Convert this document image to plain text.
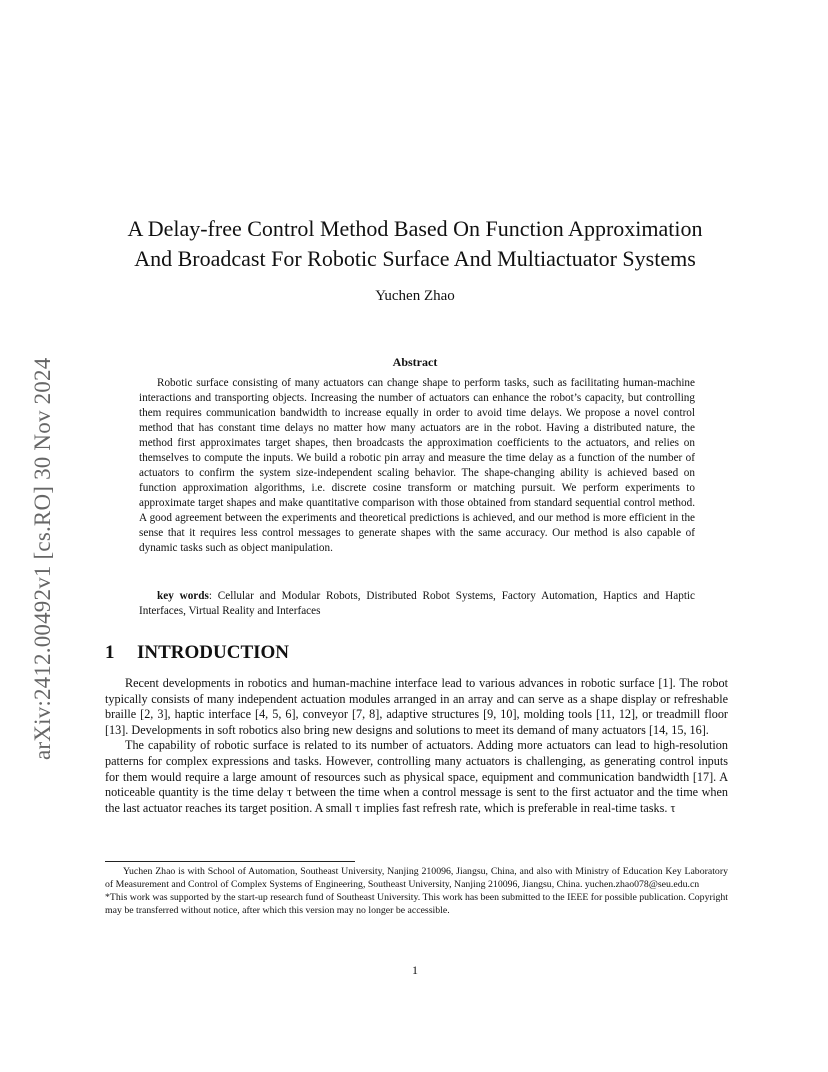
arXiv:2412.00492v1 [cs.RO] 30 Nov 2024
A Delay-free Control Method Based On Function Approximation
And Broadcast For Robotic Surface And Multiactuator Systems
Yuchen Zhao
Abstract
Robotic surface consisting of many actuators can change shape to perform tasks, such as facilitating human-machine interactions and transporting objects. Increasing the number of actuators can enhance the robot’s capacity, but controlling them requires communication bandwidth to increase equally in order to avoid time delays. We propose a novel control method that has constant time delays no matter how many actuators are in the robot. Having a distributed nature, the method first approximates target shapes, then broadcasts the approximation coefficients to the actuators, and relies on themselves to compute the inputs. We build a robotic pin array and measure the time delay as a function of the number of actuators to confirm the system size-independent scaling behavior. The shape-changing ability is achieved based on function approximation algorithms, i.e. discrete cosine transform or matching pursuit. We perform experiments to approximate target shapes and make quantitative comparison with those obtained from standard sequential control method. A good agreement between the experiments and theoretical predictions is achieved, and our method is more efficient in the sense that it requires less control messages to generate shapes with the same accuracy. Our method is also capable of dynamic tasks such as object manipulation.
key words: Cellular and Modular Robots, Distributed Robot Systems, Factory Automation, Haptics and Haptic Interfaces, Virtual Reality and Interfaces
1 INTRODUCTION

Recent developments in robotics and human-machine interface lead to various advances in robotic surface [1]. The robot typically consists of many independent actuation modules arranged in an array and can serve as a shape display or refreshable braille [2, 3], haptic interface [4, 5, 6], conveyor [7, 8], adaptive structures [9, 10], molding tools [11, 12], or treadmill floor [13]. Developments in soft robotics also bring new designs and solutions to meet its demand of many actuators [14, 15, 16].

The capability of robotic surface is related to its number of actuators. Adding more actuators can lead to high-resolution patterns for complex expressions and tasks. However, controlling many actuators is challenging, as generating control inputs for them would require a large amount of resources such as physical space, equipment and communication bandwidth [17]. A noticeable quantity is the time delay τ between the time when a control message is sent to the first actuator and the time when the last actuator reaches its target position. A small τ implies fast refresh rate, which is preferable in real-time tasks. τ

Yuchen Zhao is with School of Automation, Southeast University, Nanjing 210096, Jiangsu, China, and also with Ministry of Education Key Laboratory of Measurement and Control of Complex Systems of Engineering, Southeast University, Nanjing 210096, Jiangsu, China. yuchen.zhao078@seu.edu.cn

*This work was supported by the start-up research fund of Southeast University. This work has been submitted to the IEEE for possible publication. Copyright may be transferred without notice, after which this version may no longer be accessible.

1
